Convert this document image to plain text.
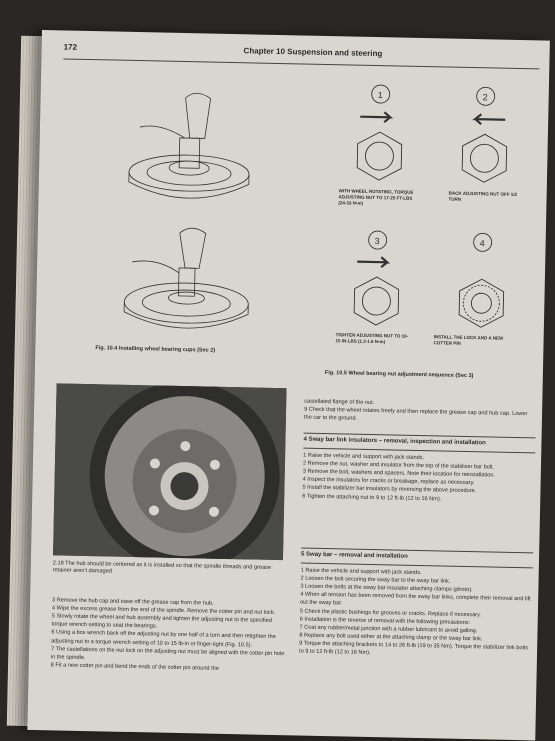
172	Chapter 10 Suspension and steering
Fig. 10.4 Installing wheel bearing cups (Sec 2)
1	2
3	4
WITH WHEEL ROTATING, TORQUE ADJUSTING NUT TO 17-25 FT-LBS (24-33 N•m)
BACK ADJUSTING NUT OFF 1/2 TURN
TIGHTEN ADJUSTING NUT TO 10-15 IN-LBS (1.2-1.6 N•m)
INSTALL THE LOCK AND A NEW COTTER PIN
Fig. 10.5 Wheel bearing nut adjustment sequence (Sec 3)
2.18 The hub should be centered as it is installed so that the spindle threads and grease retainer aren't damaged

3 Remove the hub cap and ease off the grease cap from the hub.

4 Wipe the excess grease from the end of the spindle. Remove the cotter pin and nut lock.

5 Slowly rotate the wheel and hub assembly and tighten the adjusting nut to the specified torque wrench setting to seat the bearings.

6 Using a box wrench back off the adjusting nut by one half of a turn and then retighten the adjusting nut to a torque wrench setting of 10 to 15 lb-in or finger-tight (Fig. 10.5).

7 The castellations on the nut lock on the adjusting nut must be aligned with the cotter pin hole in the spindle.

8 Fit a new cotter pin and bend the ends of the cotter pin around the

castellated flange of the nut.

9 Check that the wheel rotates freely and then replace the grease cap and hub cap. Lower the car to the ground.

4 Sway bar link insulators – removal, inspection and installation

1 Raise the vehicle and support with jack stands.

2 Remove the nut, washer and insulator from the top of the stabilizer bar bolt.

3 Remove the bolt, washers and spacers. Note their location for reinstallation.

4 Inspect the insulators for cracks or breakage, replace as necessary.

5 Install the stabilizer bar insulators by reversing the above procedure.

6 Tighten the attaching nut to 9 to 12 ft-lb (12 to 16 Nm).

5 Sway bar – removal and installation

1 Raise the vehicle and support with jack stands.

2 Loosen the bolt securing the sway bar to the sway bar link.

3 Loosen the bolts at the sway bar insulator attaching clamps (photo).

4 When all tension has been removed from the sway bar links, complete their removal and lift out the sway bar.

5 Check the plastic bushings for grooves or cracks. Replace if necessary.

6 Installation is the reverse of removal with the following precautions:

7 Coat any rubber/metal junction with a rubber lubricant to avoid galling.

8 Replace any bolt used either at the attaching clamp or the sway bar link.

9 Torque the attaching brackets to 14 to 26 ft-lb (19 to 35 Nm). Torque the stabilizer link bolts to 9 to 12 ft-lb (12 to 16 Nm).
